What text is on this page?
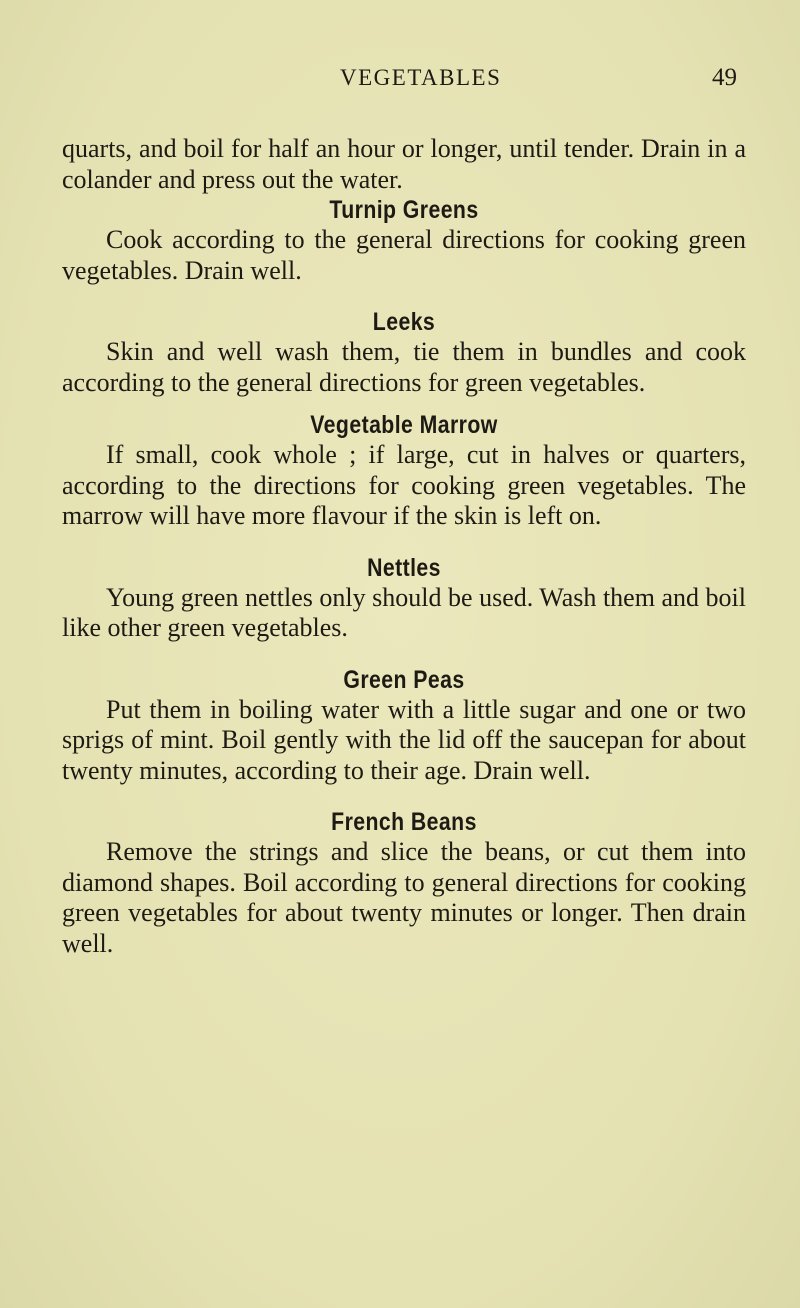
VEGETABLES	49

quarts, and boil for half an hour or longer, until tender. Drain in a colander and press out the water.

Turnip Greens

Cook according to the general directions for cooking green vegetables. Drain well.

Leeks

Skin and well wash them, tie them in bundles and cook according to the general directions for green vegetables.

Vegetable Marrow

If small, cook whole ; if large, cut in halves or quarters, according to the directions for cooking green vegetables. The marrow will have more flavour if the skin is left on.

Nettles

Young green nettles only should be used. Wash them and boil like other green vegetables.

Green Peas

Put them in boiling water with a little sugar and one or two sprigs of mint. Boil gently with the lid off the saucepan for about twenty minutes, according to their age. Drain well.

French Beans

Remove the strings and slice the beans, or cut them into diamond shapes. Boil according to general directions for cooking green vegetables for about twenty minutes or longer. Then drain well.
